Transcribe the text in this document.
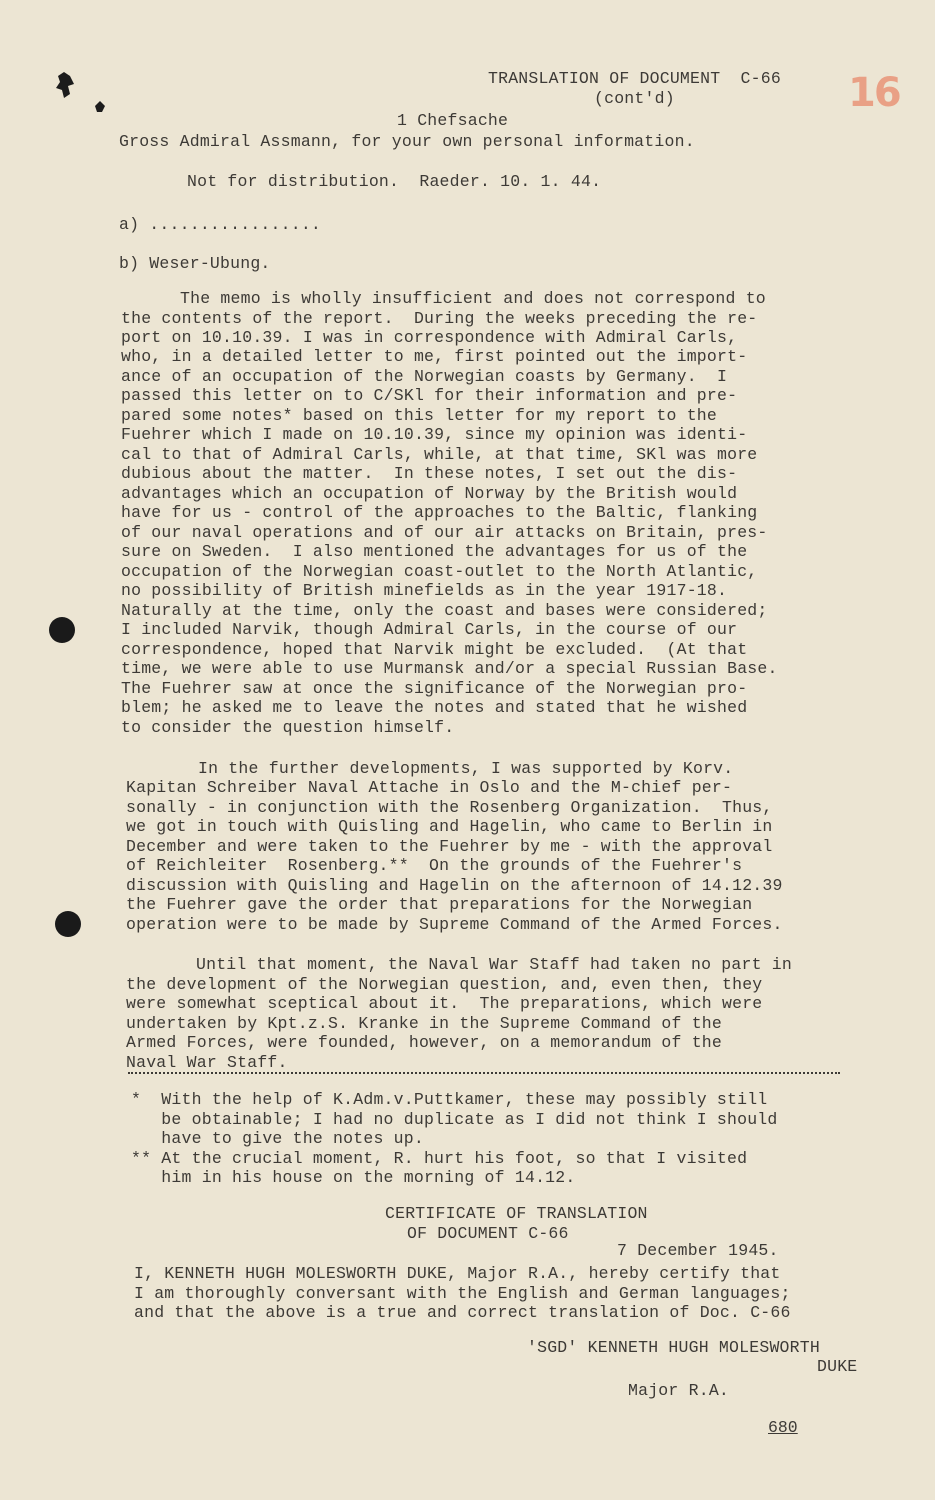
16
TRANSLATION OF DOCUMENT  C-66
(cont'd)
1 Chefsache
Gross Admiral Assmann, for your own personal information.
Not for distribution.  Raeder. 10. 1. 44.
a) .................
b) Weser-Ubung.
The memo is wholly insufficient and does not correspond to
the contents of the report.  During the weeks preceding the re-
port on 10.10.39. I was in correspondence with Admiral Carls,
who, in a detailed letter to me, first pointed out the import-
ance of an occupation of the Norwegian coasts by Germany.  I
passed this letter on to C/SKl for their information and pre-
pared some notes* based on this letter for my report to the
Fuehrer which I made on 10.10.39, since my opinion was identi-
cal to that of Admiral Carls, while, at that time, SKl was more
dubious about the matter.  In these notes, I set out the dis-
advantages which an occupation of Norway by the British would
have for us - control of the approaches to the Baltic, flanking
of our naval operations and of our air attacks on Britain, pres-
sure on Sweden.  I also mentioned the advantages for us of the
occupation of the Norwegian coast-outlet to the North Atlantic,
no possibility of British minefields as in the year 1917-18.
Naturally at the time, only the coast and bases were considered;
I included Narvik, though Admiral Carls, in the course of our
correspondence, hoped that Narvik might be excluded.  (At that
time, we were able to use Murmansk and/or a special Russian Base.
The Fuehrer saw at once the significance of the Norwegian pro-
blem; he asked me to leave the notes and stated that he wished
to consider the question himself.
In the further developments, I was supported by Korv.
Kapitan Schreiber Naval Attache in Oslo and the M-chief per-
sonally - in conjunction with the Rosenberg Organization.  Thus,
we got in touch with Quisling and Hagelin, who came to Berlin in
December and were taken to the Fuehrer by me - with the approval
of Reichleiter  Rosenberg.**  On the grounds of the Fuehrer's
discussion with Quisling and Hagelin on the afternoon of 14.12.39
the Fuehrer gave the order that preparations for the Norwegian
operation were to be made by Supreme Command of the Armed Forces.
Until that moment, the Naval War Staff had taken no part in
the development of the Norwegian question, and, even then, they
were somewhat sceptical about it.  The preparations, which were
undertaken by Kpt.z.S. Kranke in the Supreme Command of the
Armed Forces, were founded, however, on a memorandum of the
Naval War Staff.
*  With the help of K.Adm.v.Puttkamer, these may possibly still
be obtainable; I had no duplicate as I did not think I should
have to give the notes up.
** At the crucial moment, R. hurt his foot, so that I visited
him in his house on the morning of 14.12.
CERTIFICATE OF TRANSLATION
OF DOCUMENT C-66
7 December 1945.
I, KENNETH HUGH MOLESWORTH DUKE, Major R.A., hereby certify that
I am thoroughly conversant with the English and German languages;
and that the above is a true and correct translation of Doc. C-66
'SGD' KENNETH HUGH MOLESWORTH
DUKE
Major R.A.
680
